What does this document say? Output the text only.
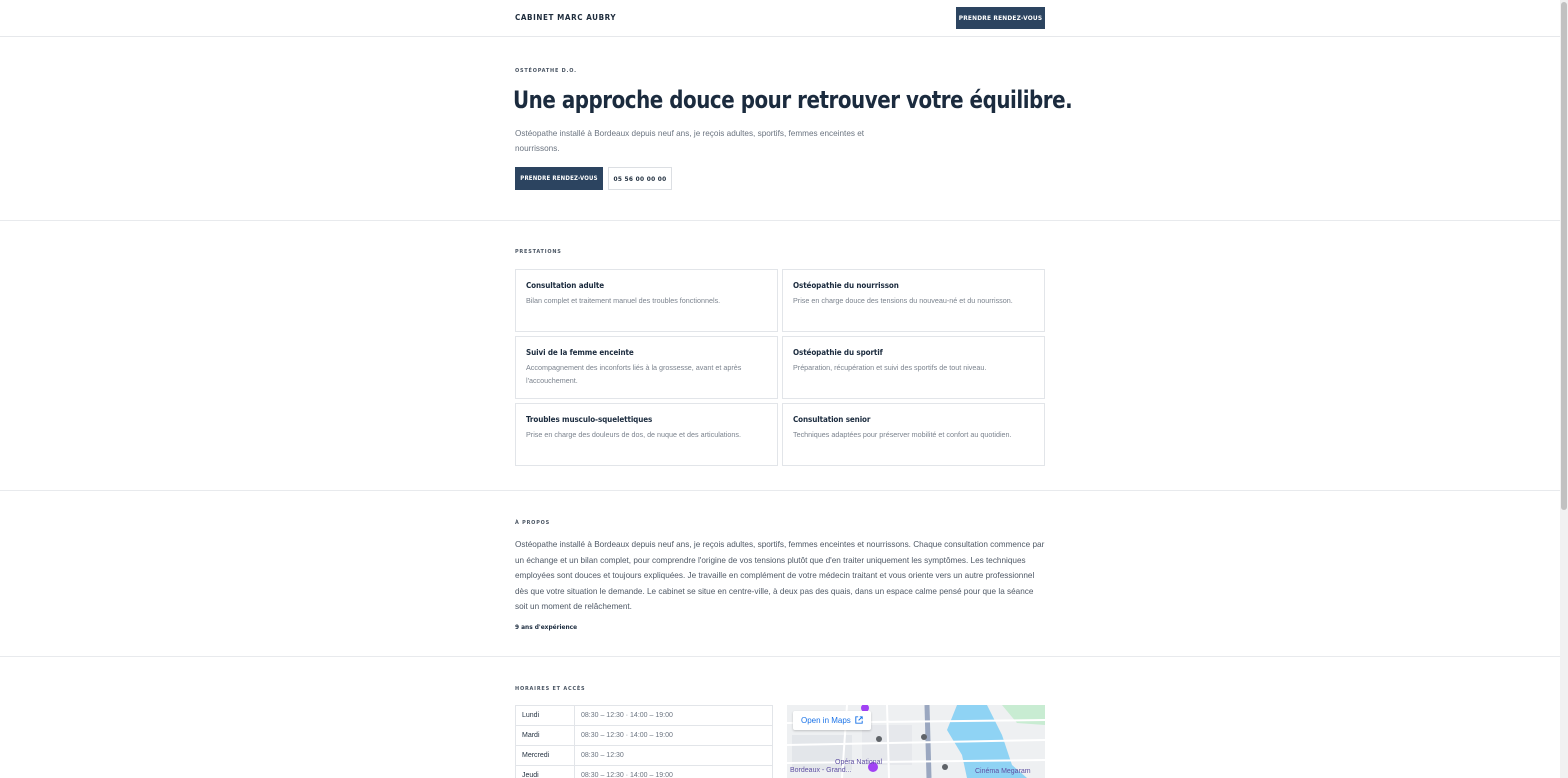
CABINET MARC AUBRY	PRENDRE RENDEZ-VOUS
OSTÉOPATHE D.O.
Une approche douce pour retrouver votre équilibre.

Ostéopathe installé à Bordeaux depuis neuf ans, je reçois adultes, sportifs, femmes enceintes et nourrissons.

PRENDRE RENDEZ-VOUS	05 56 00 00 00
PRESTATIONS
Consultation adulte
Bilan complet et traitement manuel des troubles fonctionnels.
Ostéopathie du nourrisson
Prise en charge douce des tensions du nouveau-né et du nourrisson.
Suivi de la femme enceinte
Accompagnement des inconforts liés à la grossesse, avant et après l'accouchement.
Ostéopathie du sportif
Préparation, récupération et suivi des sportifs de tout niveau.
Troubles musculo-squelettiques
Prise en charge des douleurs de dos, de nuque et des articulations.
Consultation senior
Techniques adaptées pour préserver mobilité et confort au quotidien.
À PROPOS

Ostéopathe installé à Bordeaux depuis neuf ans, je reçois adultes, sportifs, femmes enceintes et nourrissons. Chaque consultation commence par un échange et un bilan complet, pour comprendre l'origine de vos tensions plutôt que d'en traiter uniquement les symptômes. Les techniques employées sont douces et toujours expliquées. Je travaille en complément de votre médecin traitant et vous oriente vers un autre professionnel dès que votre situation le demande. Le cabinet se situe en centre-ville, à deux pas des quais, dans un espace calme pensé pour que la séance soit un moment de relâchement.

9 ans d'expérience
HORAIRES ET ACCÈS
Lundi	08:30 – 12:30 · 14:00 – 19:00
Mardi	08:30 – 12:30 · 14:00 – 19:00
Mercredi	08:30 – 12:30
Jeudi	08:30 – 12:30 · 14:00 – 19:00
Open in Maps
Opéra National
Bordeaux - Grand...	Cinéma Megaram
